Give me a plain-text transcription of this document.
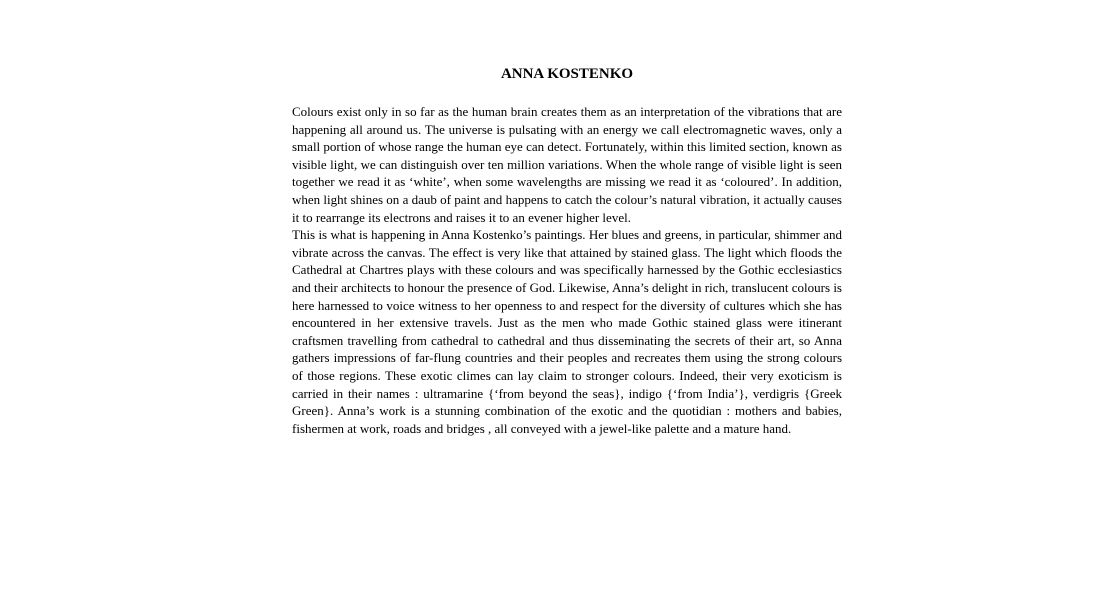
ANNA KOSTENKO

Colours exist only in so far as the human brain creates them as an interpretation of the vibrations that are happening all around us. The universe is pulsating with an energy we call electromagnetic waves, only a small portion of whose range the human eye can detect. Fortunately, within this limited section, known as visible light, we can distinguish over ten million variations. When the whole range of visible light is seen together we read it as ‘white’, when some wavelengths are missing we read it as ‘coloured’. In addition, when light shines on a daub of paint and happens to catch the colour’s natural vibration, it actually causes it to rearrange its electrons and raises it to an evener higher level.

This is what is happening in Anna Kostenko’s paintings. Her blues and greens, in particular, shimmer and vibrate across the canvas. The effect is very like that attained by stained glass. The light which floods the Cathedral at Chartres plays with these colours and was specifically harnessed by the Gothic ecclesiastics and their architects to honour the presence of God. Likewise, Anna’s delight in rich, translucent colours is here harnessed to voice witness to her openness to and respect for the diversity of cultures which she has encountered in her extensive travels. Just as the men who made Gothic stained glass were itinerant craftsmen travelling from cathedral to cathedral and thus disseminating the secrets of their art, so Anna gathers impressions of far-flung countries and their peoples and recreates them using the strong colours of those regions. These exotic climes can lay claim to stronger colours. Indeed, their very exoticism is carried in their names : ultramarine {‘from beyond the seas}, indigo {‘from India’}, verdigris {Greek Green}. Anna’s work is a stunning combination of the exotic and the quotidian : mothers and babies, fishermen at work, roads and bridges , all conveyed with a jewel-like palette and a mature hand.
